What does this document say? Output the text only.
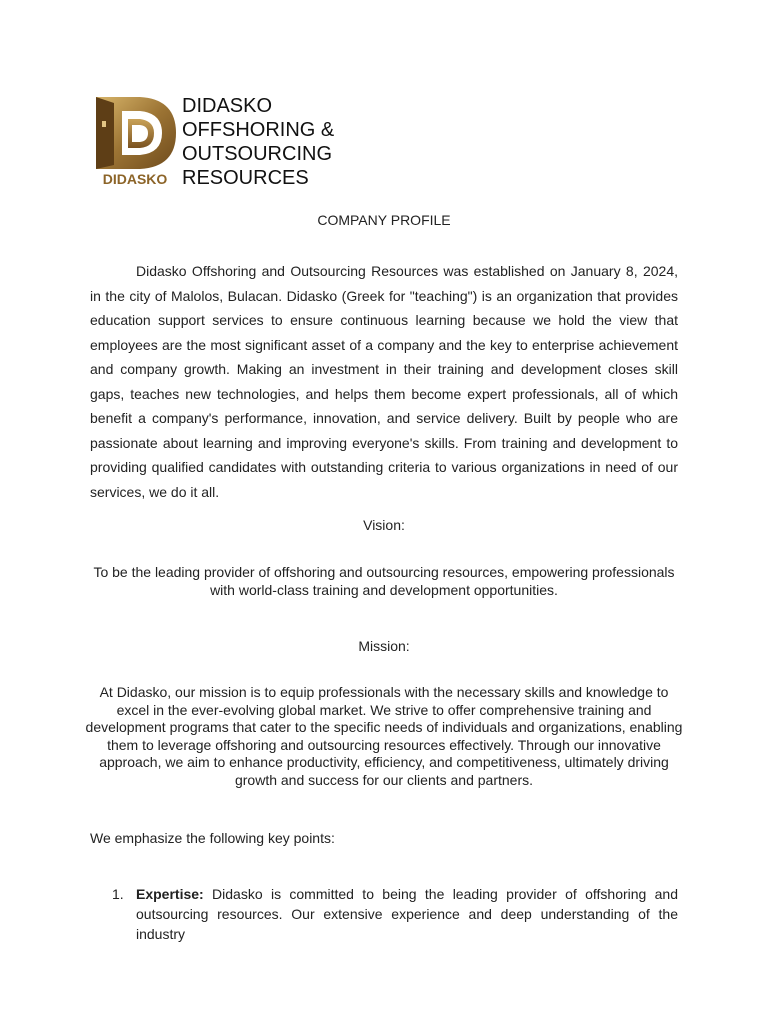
DIDASKO
DIDASKO
OFFSHORING &
OUTSOURCING
RESOURCES
COMPANY PROFILE

Didasko Offshoring and Outsourcing Resources was established on January 8, 2024, in the city of Malolos, Bulacan. Didasko (Greek for "teaching") is an organization that provides education support services to ensure continuous learning because we hold the view that employees are the most significant asset of a company and the key to enterprise achievement and company growth. Making an investment in their training and development closes skill gaps, teaches new technologies, and helps them become expert professionals, all of which benefit a company's performance, innovation, and service delivery. Built by people who are passionate about learning and improving everyone's skills. From training and development to providing qualified candidates with outstanding criteria to various organizations in need of our services, we do it all.

Vision:
To be the leading provider of offshoring and outsourcing resources, empowering professionals with world-class training and development opportunities.
Mission:
At Didasko, our mission is to equip professionals with the necessary skills and knowledge to excel in the ever-evolving global market. We strive to offer comprehensive training and development programs that cater to the specific needs of individuals and organizations, enabling them to leverage offshoring and outsourcing resources effectively. Through our innovative approach, we aim to enhance productivity, efficiency, and competitiveness, ultimately driving growth and success for our clients and partners.
We emphasize the following key points:
1. Expertise: Didasko is committed to being the leading provider of offshoring and outsourcing resources. Our extensive experience and deep understanding of the industry
